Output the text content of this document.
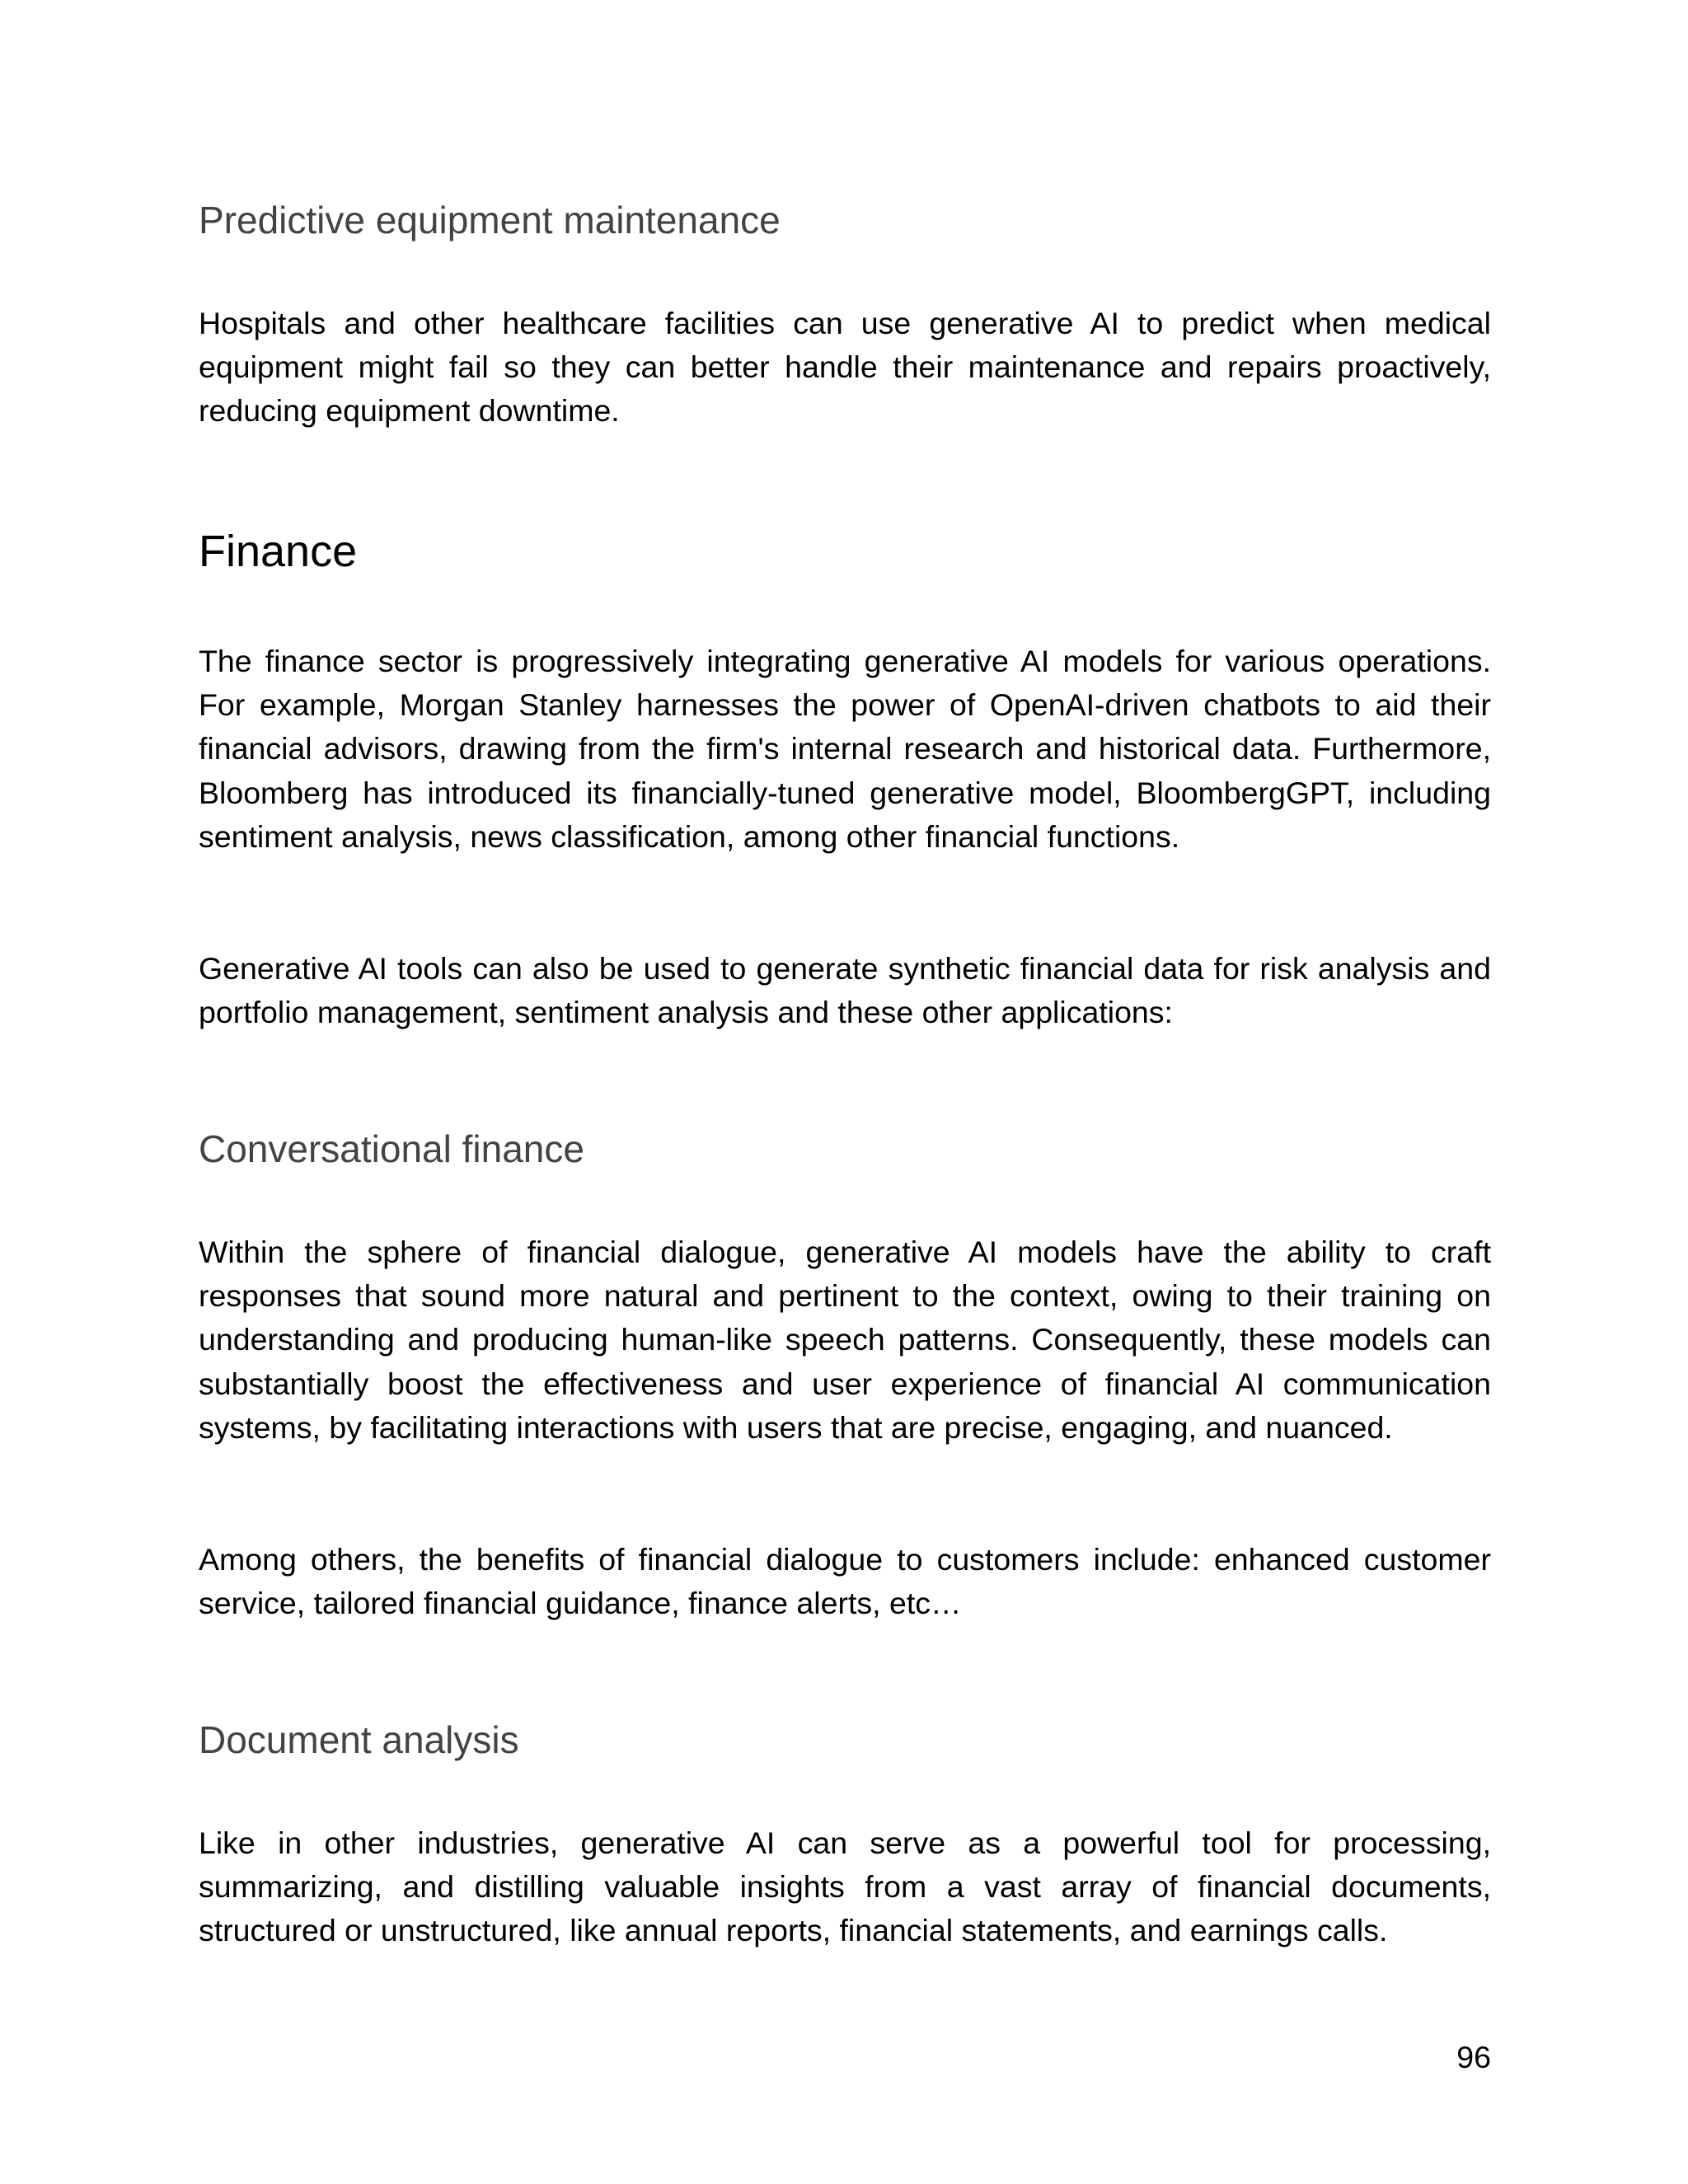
Predictive equipment maintenance

Hospitals and other healthcare facilities can use generative AI to predict when medical equipment might fail so they can better handle their maintenance and repairs proactively, reducing equipment downtime.

Finance

The finance sector is progressively integrating generative AI models for various operations. For example, Morgan Stanley harnesses the power of OpenAI-driven chatbots to aid their financial advisors, drawing from the firm's internal research and historical data. Furthermore, Bloomberg has introduced its financially-tuned generative model, BloombergGPT, including sentiment analysis, news classification, among other financial functions.

Generative AI tools can also be used to generate synthetic financial data for risk analysis and portfolio management, sentiment analysis and these other applications:

Conversational finance

Within the sphere of financial dialogue, generative AI models have the ability to craft responses that sound more natural and pertinent to the context, owing to their training on understanding and producing human-like speech patterns. Consequently, these models can substantially boost the effectiveness and user experience of financial AI communication systems, by facilitating interactions with users that are precise, engaging, and nuanced.

Among others, the benefits of financial dialogue to customers include: enhanced customer service, tailored financial guidance, finance alerts, etc…

Document analysis

Like in other industries, generative AI can serve as a powerful tool for processing, summarizing, and distilling valuable insights from a vast array of financial documents, structured or unstructured, like annual reports, financial statements, and earnings calls.

96
